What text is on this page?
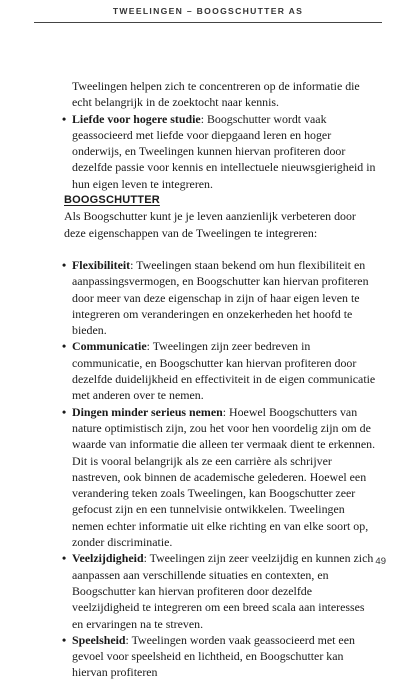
TWEELINGEN – BOOGSCHUTTER AS

Tweelingen helpen zich te concentreren op de informatie die echt belangrijk in de zoektocht naar kennis.

• Liefde voor hogere studie: Boogschutter wordt vaak geassocieerd met liefde voor diepgaand leren en hoger onderwijs, en Tweelingen kunnen hiervan profiteren door dezelfde passie voor kennis en intellectuele nieuwsgierigheid in hun eigen leven te integreren.

BOOGSCHUTTER

Als Boogschutter kunt je je leven aanzienlijk verbeteren door deze eigenschappen van de Tweelingen te integreren:

• Flexibiliteit: Tweelingen staan bekend om hun flexibiliteit en aanpassingsvermogen, en Boogschutter kan hiervan profiteren door meer van deze eigenschap in zijn of haar eigen leven te integreren om veranderingen en onzekerheden het hoofd te bieden.

• Communicatie: Tweelingen zijn zeer bedreven in communicatie, en Boogschutter kan hiervan profiteren door dezelfde duidelijkheid en effectiviteit in de eigen communicatie met anderen over te nemen.

• Dingen minder serieus nemen: Hoewel Boogschutters van nature optimistisch zijn, zou het voor hen voordelig zijn om de waarde van informatie die alleen ter vermaak dient te erkennen. Dit is vooral belangrijk als ze een carrière als schrijver nastreven, ook binnen de academische gelederen. Hoewel een verandering teken zoals Tweelingen, kan Boogschutter zeer gefocust zijn en een tunnelvisie ontwikkelen. Tweelingen nemen echter informatie uit elke richting en van elke soort op, zonder discriminatie.

• Veelzijdigheid: Tweelingen zijn zeer veelzijdig en kunnen zich aanpassen aan verschillende situaties en contexten, en Boogschutter kan hiervan profiteren door dezelfde veelzijdigheid te integreren om een breed scala aan interesses en ervaringen na te streven.

• Speelsheid: Tweelingen worden vaak geassocieerd met een gevoel voor speelsheid en lichtheid, en Boogschutter kan hiervan profiteren

49
